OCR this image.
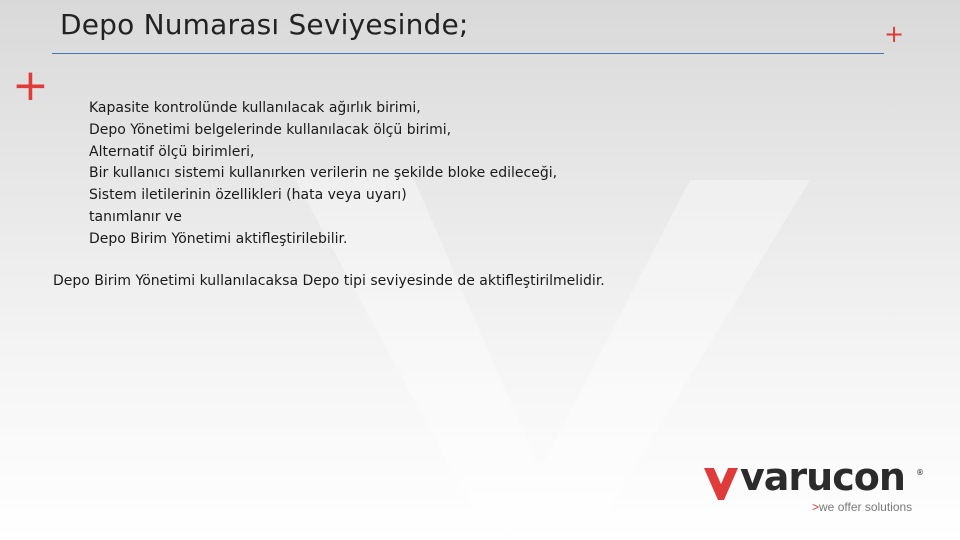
Depo Numarası Seviyesinde;	+
+	Kapasite kontrolünde kullanılacak ağırlık birimi,
Depo Yönetimi belgelerinde kullanılacak ölçü birimi,
Alternatif ölçü birimleri,
Bir kullanıcı sistemi kullanırken verilerin ne şekilde bloke edileceği,
Sistem iletilerinin özellikleri (hata veya uyarı)
tanımlanır ve
Depo Birim Yönetimi aktifleştirilebilir.
Depo Birim Yönetimi kullanılacaksa Depo tipi seviyesinde de aktifleştirilmelidir.
varucon ®
>we offer solutions
